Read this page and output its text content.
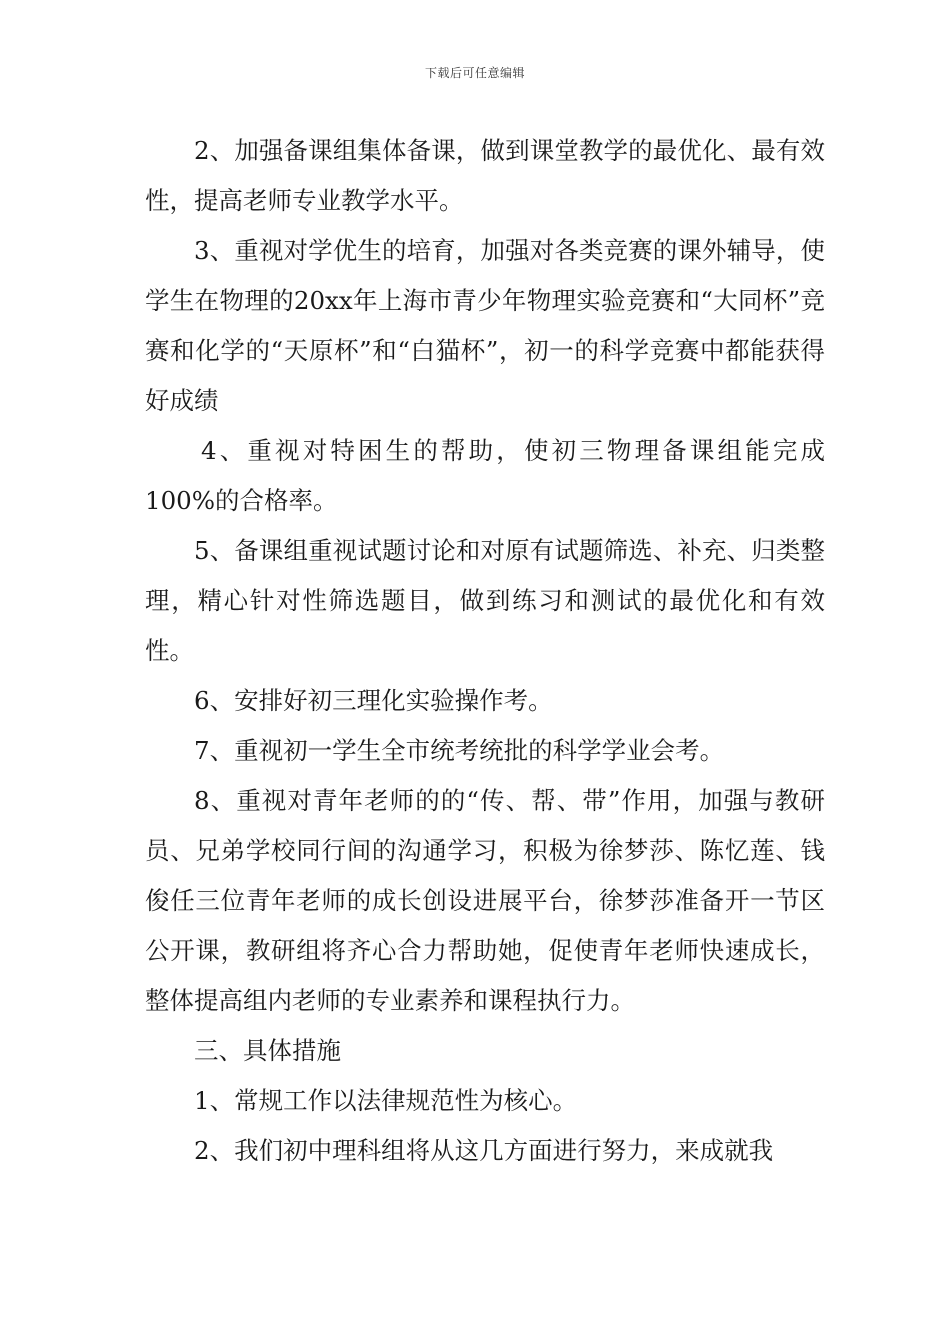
下载后可任意编辑

2、加强备课组集体备课，做到课堂教学的最优化、最有效性，提高老师专业教学水平。

3、重视对学优生的培育，加强对各类竞赛的课外辅导，使学生在物理的20xx年上海市青少年物理实验竞赛和“大同杯”竞赛和化学的“天原杯”和“白猫杯”，初一的科学竞赛中都能获得好成绩

4、重视对特困生的帮助，使初三物理备课组能完成100%的合格率。

5、备课组重视试题讨论和对原有试题筛选、补充、归类整理，精心针对性筛选题目，做到练习和测试的最优化和有效性。

6、安排好初三理化实验操作考。

7、重视初一学生全市统考统批的科学学业会考。

8、重视对青年老师的的“传、帮、带”作用，加强与教研员、兄弟学校同行间的沟通学习，积极为徐梦莎、陈忆莲、钱俊任三位青年老师的成长创设进展平台，徐梦莎准备开一节区公开课，教研组将齐心合力帮助她，促使青年老师快速成长，整体提高组内老师的专业素养和课程执行力。

三、具体措施

1、常规工作以法律规范性为核心。

2、我们初中理科组将从这几方面进行努力，来成就我
